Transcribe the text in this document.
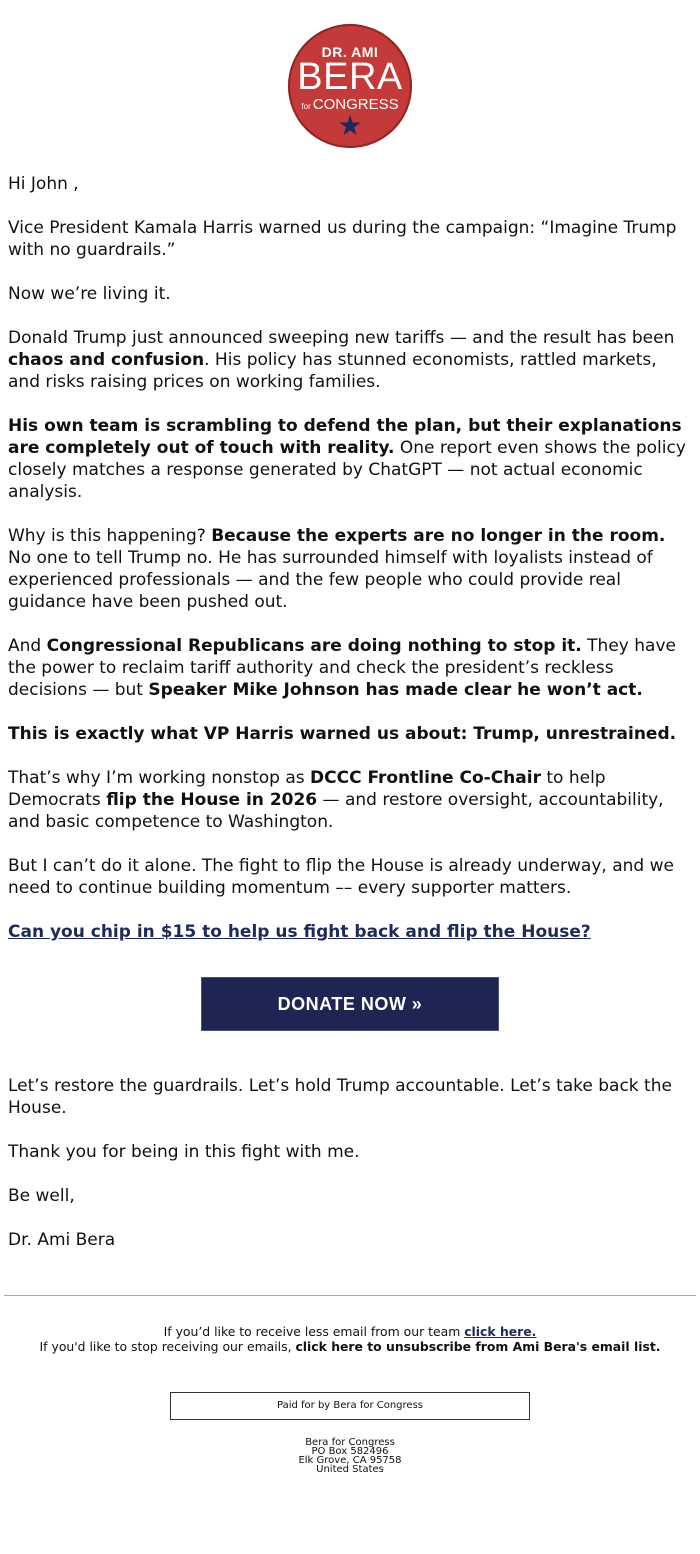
DR. AMI
BERA
for CONGRESS
★

Hi John ,

Vice President Kamala Harris warned us during the campaign: “Imagine Trump with no guardrails.”

Now we’re living it.

Donald Trump just announced sweeping new tariffs — and the result has been chaos and confusion. His policy has stunned economists, rattled markets, and risks raising prices on working families.

His own team is scrambling to defend the plan, but their explanations are completely out of touch with reality. One report even shows the policy closely matches a response generated by ChatGPT — not actual economic analysis.

Why is this happening? Because the experts are no longer in the room. No one to tell Trump no. He has surrounded himself with loyalists instead of experienced professionals — and the few people who could provide real guidance have been pushed out.

And Congressional Republicans are doing nothing to stop it. They have the power to reclaim tariff authority and check the president’s reckless decisions — but Speaker Mike Johnson has made clear he won’t act.

This is exactly what VP Harris warned us about: Trump, unrestrained.

That’s why I’m working nonstop as DCCC Frontline Co-Chair to help Democrats flip the House in 2026 — and restore oversight, accountability, and basic competence to Washington.

But I can’t do it alone. The fight to flip the House is already underway, and we need to continue building momentum –– every supporter matters.

Can you chip in $15 to help us fight back and flip the House?

DONATE NOW »

Let’s restore the guardrails. Let’s hold Trump accountable. Let’s take back the House.

Thank you for being in this fight with me.

Be well,

Dr. Ami Bera

If you’d like to receive less email from our team click here.
If you'd like to stop receiving our emails, click here to unsubscribe from Ami Bera's email list.
Paid for by Bera for Congress
Bera for Congress
PO Box 582496
Elk Grove, CA 95758
United States
